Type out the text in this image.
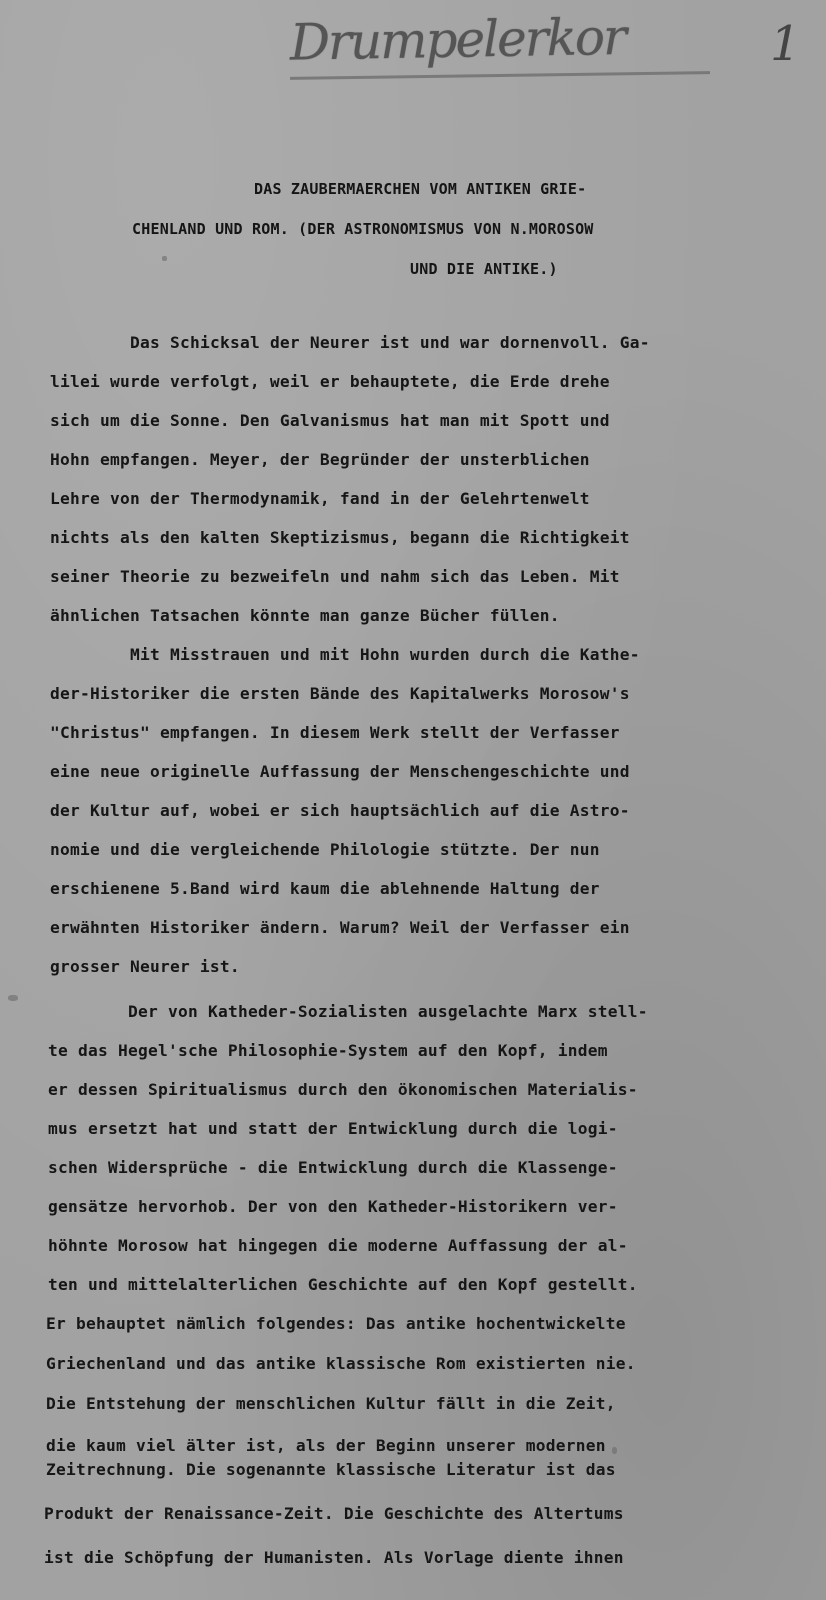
Drumpelerkor	1
DAS ZAUBERMAERCHEN VOM ANTIKEN GRIE-
CHENLAND UND ROM. (DER ASTRONOMISMUS VON N.MOROSOW
UND DIE ANTIKE.)
Das Schicksal der Neurer ist und war dornenvoll. Ga-
lilei wurde verfolgt, weil er behauptete, die Erde drehe
sich um die Sonne. Den Galvanismus hat man mit Spott und
Hohn empfangen. Meyer, der Begründer der unsterblichen
Lehre von der Thermodynamik, fand in der Gelehrtenwelt
nichts als den kalten Skeptizismus, begann die Richtigkeit
seiner Theorie zu bezweifeln und nahm sich das Leben. Mit
ähnlichen Tatsachen könnte man ganze Bücher füllen.
Mit Misstrauen und mit Hohn wurden durch die Kathe-
der-Historiker die ersten Bände des Kapitalwerks Morosow's
"Christus" empfangen. In diesem Werk stellt der Verfasser
eine neue originelle Auffassung der Menschengeschichte und
der Kultur auf, wobei er sich hauptsächlich auf die Astro-
nomie und die vergleichende Philologie stützte. Der nun
erschienene 5.Band wird kaum die ablehnende Haltung der
erwähnten Historiker ändern. Warum? Weil der Verfasser ein
grosser Neurer ist.
Der von Katheder-Sozialisten ausgelachte Marx stell-
te das Hegel'sche Philosophie-System auf den Kopf, indem
er dessen Spiritualismus durch den ökonomischen Materialis-
mus ersetzt hat und statt der Entwicklung durch die logi-
schen Widersprüche - die Entwicklung durch die Klassenge-
gensätze hervorhob. Der von den Katheder-Historikern ver-
höhnte Morosow hat hingegen die moderne Auffassung der al-
ten und mittelalterlichen Geschichte auf den Kopf gestellt.
Er behauptet nämlich folgendes: Das antike hochentwickelte
Griechenland und das antike klassische Rom existierten nie.
Die Entstehung der menschlichen Kultur fällt in die Zeit,
die kaum viel älter ist, als der Beginn unserer modernen
Zeitrechnung. Die sogenannte klassische Literatur ist das
Produkt der Renaissance-Zeit. Die Geschichte des Altertums
ist die Schöpfung der Humanisten. Als Vorlage diente ihnen
